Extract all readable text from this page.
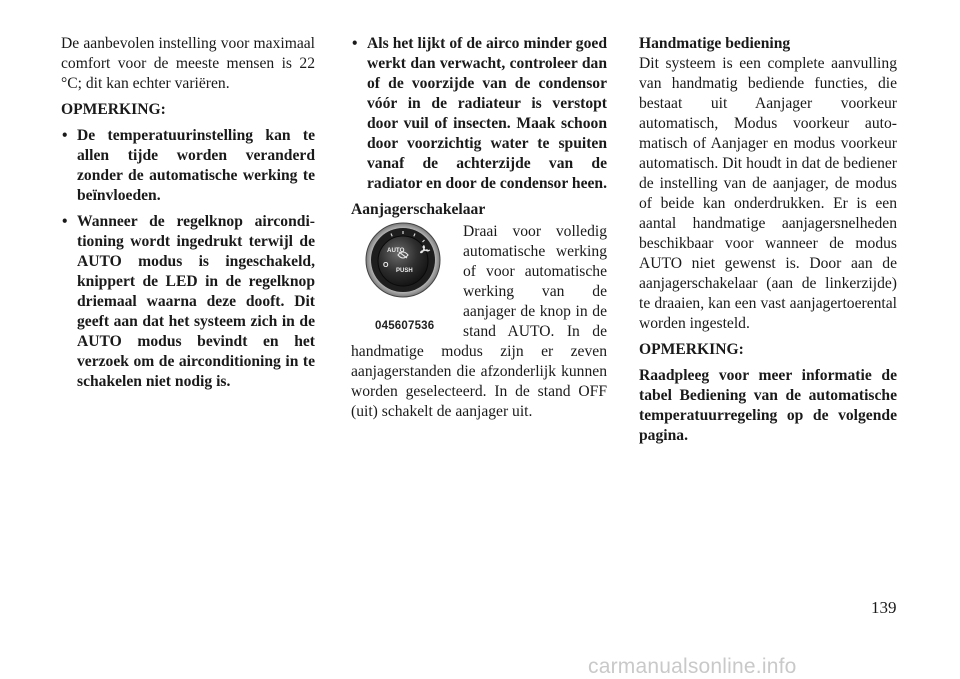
De aanbevolen instelling voor maximaal comfort voor de meeste mensen is 22 °C; dit kan echter variëren.

OPMERKING:

• De temperatuurinstelling kan te allen tijde worden veranderd zonder de automatische werking te beïnvloeden.
• Wanneer de regelknop airconditioning wordt ingedrukt terwijl de AUTO modus is ingeschakeld, knippert de LED in de regelknop driemaal waarna deze dooft. Dit geeft aan dat het systeem zich in de AUTO modus bevindt en het verzoek om de airconditioning in te schakelen niet nodig is.
• Als het lijkt of de airco minder goed werkt dan verwacht, controleer dan of de voorzijde van de condensor vóór in de radiateur is verstopt door vuil of insecten. Maak schoon door voorzichtig water te spuiten vanaf de achterzijde van de radiator en door de condensor heen.

Aanjagerschakelaar

AUTO
O
PUSH
045607536

Draai voor volledig automatische werking of voor automatische werking van de aanjager de knop in de stand AUTO. In de handmatige modus zijn er zeven aanjagerstanden die afzonderlijk kunnen worden geselecteerd. In de stand OFF (uit) schakelt de aanjager uit.

Handmatige bediening

Dit systeem is een complete aanvulling van handmatig bediende functies, die bestaat uit Aanjager voorkeur automatisch, Modus voorkeur automatisch of Aanjager en modus voorkeur automatisch. Dit houdt in dat de bediener de instelling van de aanjager, de modus of beide kan onderdrukken. Er is een aantal handmatige aanjagersnelheden beschikbaar voor wanneer de modus AUTO niet gewenst is. Door aan de aanjagerschakelaar (aan de linkerzijde) te draaien, kan een vast aanjagertoerental worden ingesteld.

OPMERKING:

Raadpleeg voor meer informatie de tabel Bediening van de automatische temperatuurregeling op de volgende pagina.

139
carmanualsonline.info
